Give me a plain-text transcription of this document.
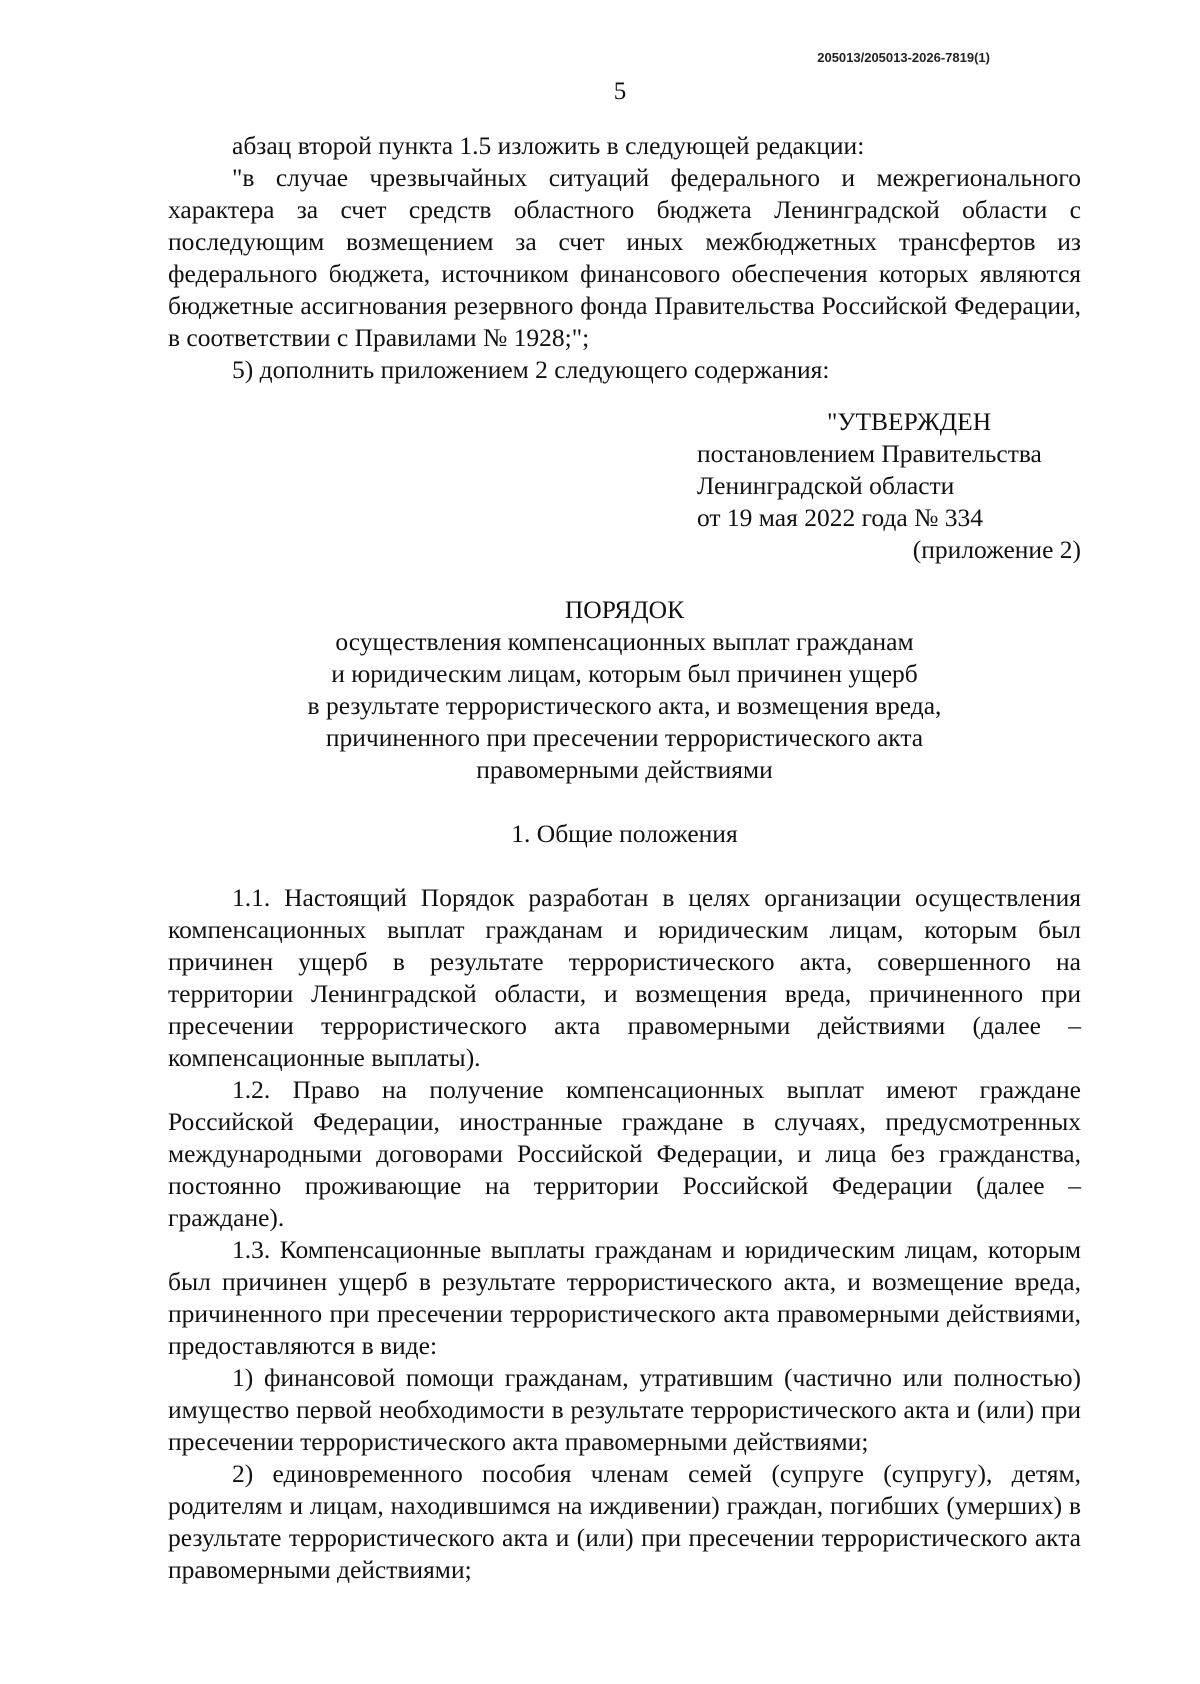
205013/205013-2026-7819(1)
5

абзац второй пункта 1.5 изложить в следующей редакции:

"в случае чрезвычайных ситуаций федерального и межрегионального характера за счет средств областного бюджета Ленинградской области с последующим возмещением за счет иных межбюджетных трансфертов из федерального бюджета, источником финансового обеспечения которых являются бюджетные ассигнования резервного фонда Правительства Российской Федерации, в соответствии с Правилами № 1928;";

5) дополнить приложением 2 следующего содержания:

"УТВЕРЖДЕН
постановлением Правительства
Ленинградской области
от 19 мая 2022 года № 334
(приложение 2)
ПОРЯДОК
осуществления компенсационных выплат гражданам
и юридическим лицам, которым был причинен ущерб
в результате террористического акта, и возмещения вреда,
причиненного при пресечении террористического акта
правомерными действиями
1. Общие положения

1.1. Настоящий Порядок разработан в целях организации осуществления компенсационных выплат гражданам и юридическим лицам, которым был причинен ущерб в результате террористического акта, совершенного на территории Ленинградской области, и возмещения вреда, причиненного при пресечении террористического акта правомерными действиями (далее – компенсационные выплаты).

1.2. Право на получение компенсационных выплат имеют граждане Российской Федерации, иностранные граждане в случаях, предусмотренных международными договорами Российской Федерации, и лица без гражданства, постоянно проживающие на территории Российской Федерации (далее – граждане).

1.3. Компенсационные выплаты гражданам и юридическим лицам, которым был причинен ущерб в результате террористического акта, и возмещение вреда, причиненного при пресечении террористического акта правомерными действиями, предоставляются в виде:

1) финансовой помощи гражданам, утратившим (частично или полностью) имущество первой необходимости в результате террористического акта и (или) при пресечении террористического акта правомерными действиями;

2) единовременного пособия членам семей (супруге (супругу), детям, родителям и лицам, находившимся на иждивении) граждан, погибших (умерших) в результате террористического акта и (или) при пресечении террористического акта правомерными действиями;
